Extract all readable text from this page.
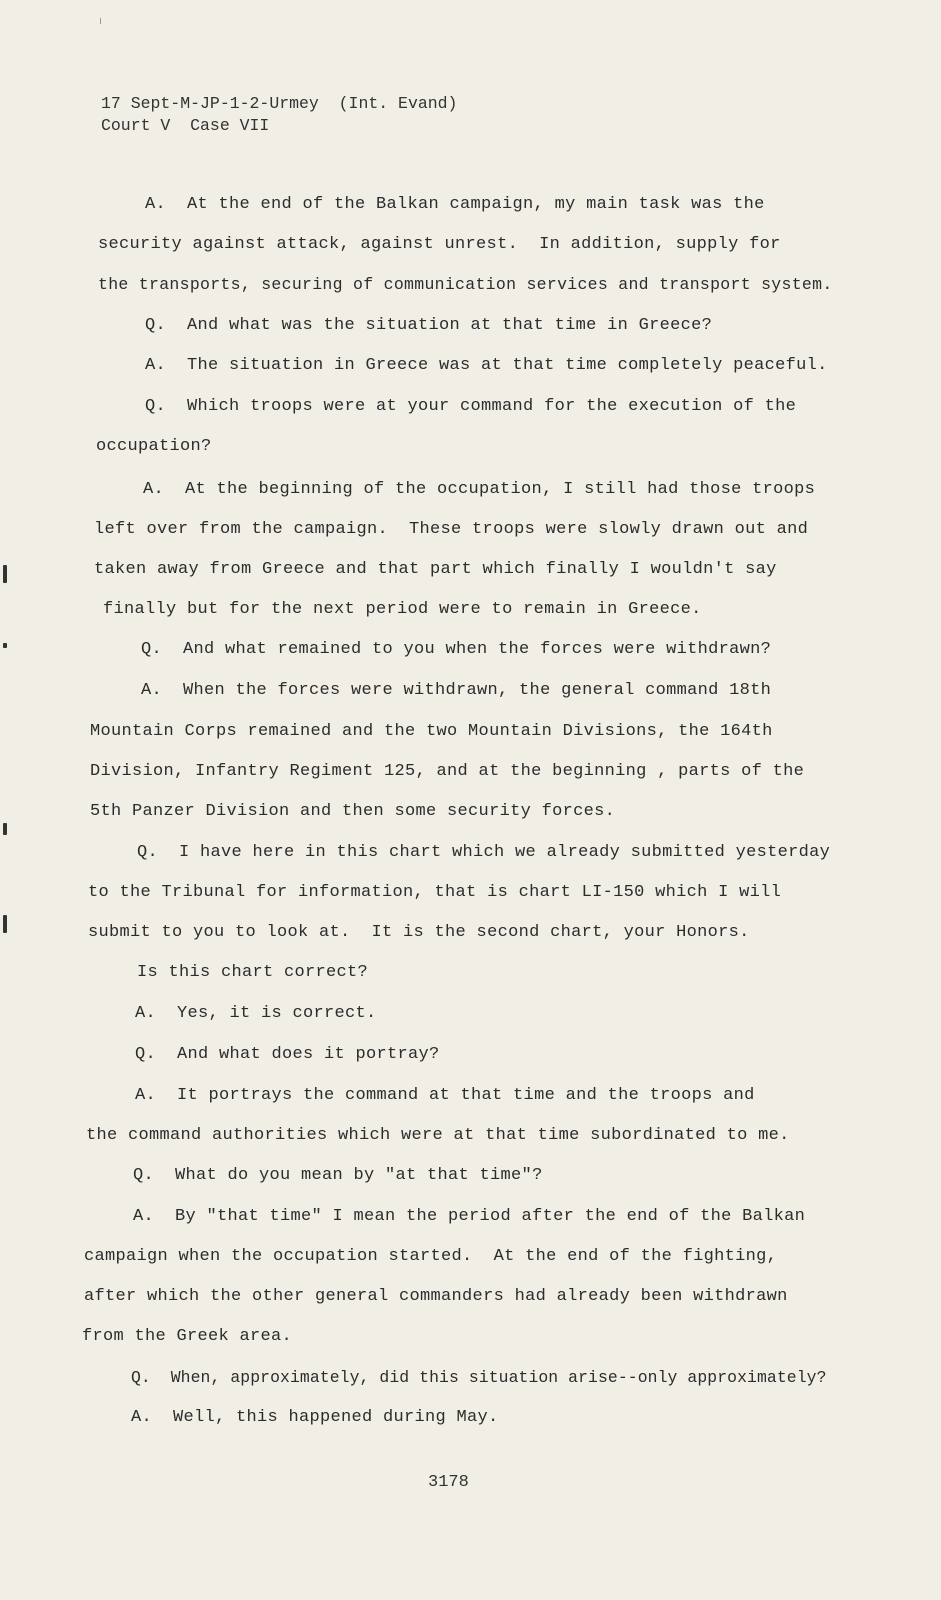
17 Sept-M-JP-1-2-Urmey  (Int. Evand)
Court V  Case VII
A.  At the end of the Balkan campaign, my main task was the
security against attack, against unrest.  In addition, supply for
the transports, securing of communication services and transport system.
Q.  And what was the situation at that time in Greece?
A.  The situation in Greece was at that time completely peaceful.
Q.  Which troops were at your command for the execution of the
occupation?
A.  At the beginning of the occupation, I still had those troops
left over from the campaign.  These troops were slowly drawn out and
taken away from Greece and that part which finally I wouldn't say
finally but for the next period were to remain in Greece.
Q.  And what remained to you when the forces were withdrawn?
A.  When the forces were withdrawn, the general command 18th
Mountain Corps remained and the two Mountain Divisions, the 164th
Division, Infantry Regiment 125, and at the beginning , parts of the
5th Panzer Division and then some security forces.
Q.  I have here in this chart which we already submitted yesterday
to the Tribunal for information, that is chart LI-150 which I will
submit to you to look at.  It is the second chart, your Honors.
Is this chart correct?
A.  Yes, it is correct.
Q.  And what does it portray?
A.  It portrays the command at that time and the troops and
the command authorities which were at that time subordinated to me.
Q.  What do you mean by "at that time"?
A.  By "that time" I mean the period after the end of the Balkan
campaign when the occupation started.  At the end of the fighting,
after which the other general commanders had already been withdrawn
from the Greek area.
Q.  When, approximately, did this situation arise--only approximately?
A.  Well, this happened during May.
3178
